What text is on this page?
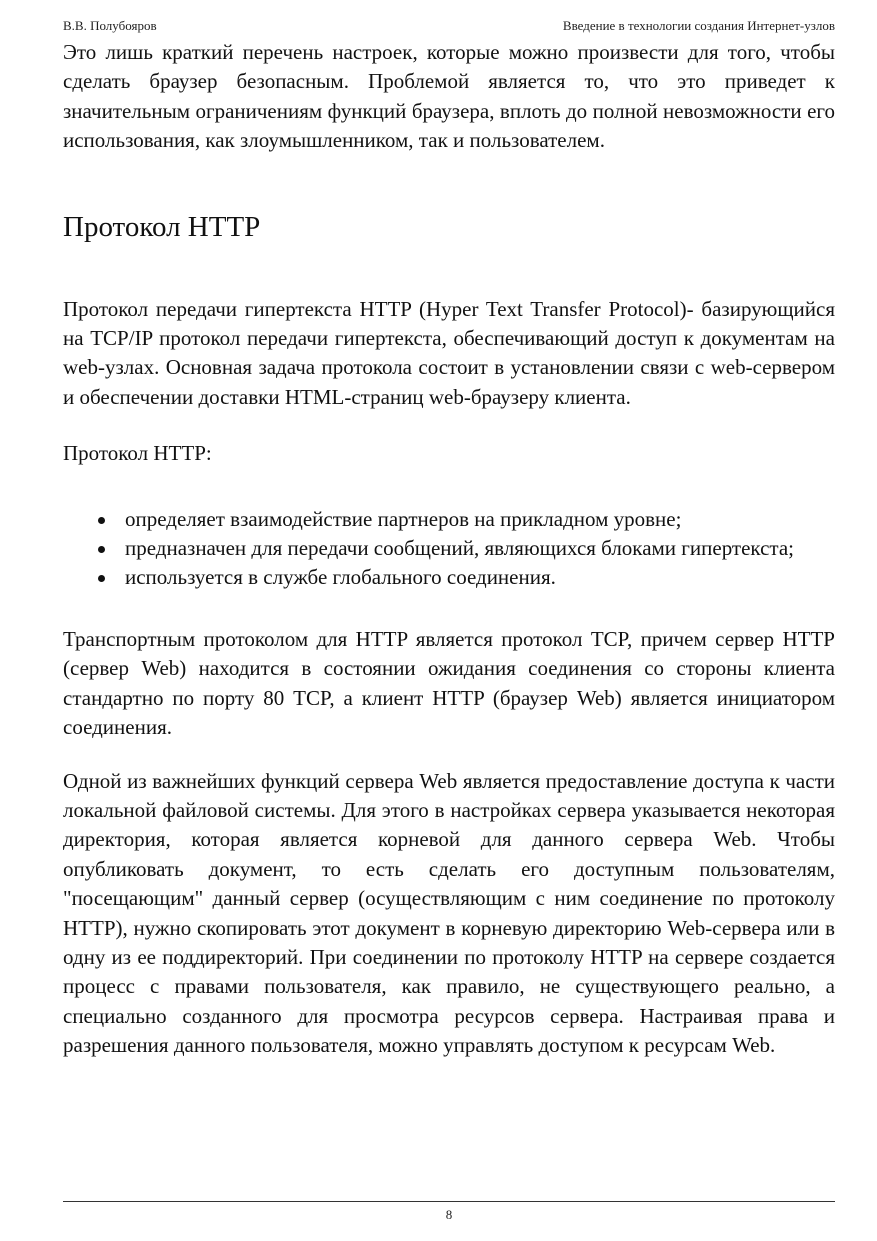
В.В. Полубояров	Введение в технологии создания Интернет-узлов

Это лишь краткий перечень настроек, которые можно произвести для того, чтобы сделать браузер безопасным. Проблемой является то, что это приведет к значительным ограничениям функций браузера, вплоть до полной невозможности его использования, как злоумышленником, так и пользователем.

Протокол HTTP

Протокол передачи гипертекста HTTP (Hyper Text Transfer Protocol)- базирующийся на TCP/IP протокол передачи гипертекста, обеспечивающий доступ к документам на web-узлах. Основная задача протокола состоит в установлении связи с web-сервером и обеспечении доставки HTML-страниц web-браузеру клиента.

Протокол HTTP:

определяет взаимодействие партнеров на прикладном уровне;
предназначен для передачи сообщений, являющихся блоками гипертекста;
используется в службе глобального соединения.

Транспортным протоколом для HTTP является протокол TCP, причем сервер HTTP (сервер Web) находится в состоянии ожидания соединения со стороны клиента стандартно по порту 80 TCP, а клиент HTTP (браузер Web) является инициатором соединения.

Одной из важнейших функций сервера Web является предоставление доступа к части локальной файловой системы. Для этого в настройках сервера указывается некоторая директория, которая является корневой для данного сервера Web. Чтобы опубликовать документ, то есть сделать его доступным пользователям, "посещающим" данный сервер (осуществляющим с ним соединение по протоколу HTTP), нужно скопировать этот документ в корневую директорию Web-сервера или в одну из ее поддиректорий. При соединении по протоколу HTTP на сервере создается процесс с правами пользователя, как правило, не существующего реально, а специально созданного для просмотра ресурсов сервера. Настраивая права и разрешения данного пользователя, можно управлять доступом к ресурсам Web.

8
